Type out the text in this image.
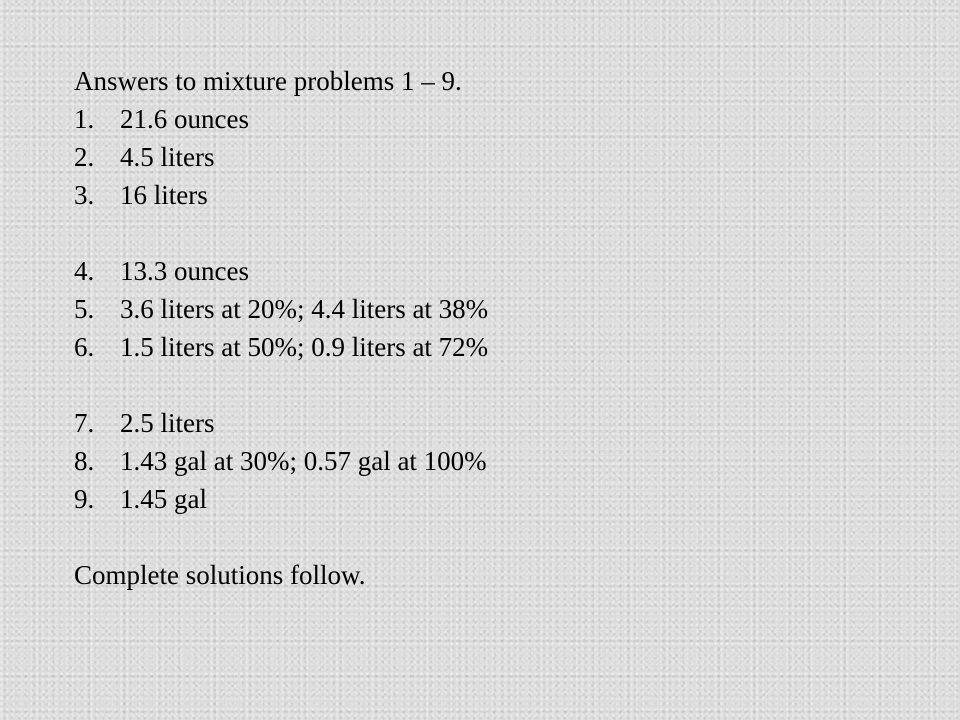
Answers to mixture problems 1 – 9.

1. 21.6 ounces
2. 4.5 liters
3. 16 liters
4. 13.3 ounces
5. 3.6 liters at 20%; 4.4 liters at 38%
6. 1.5 liters at 50%; 0.9 liters at 72%
7. 2.5 liters
8. 1.43 gal at 30%; 0.57 gal at 100%
9. 1.45 gal

Complete solutions follow.
